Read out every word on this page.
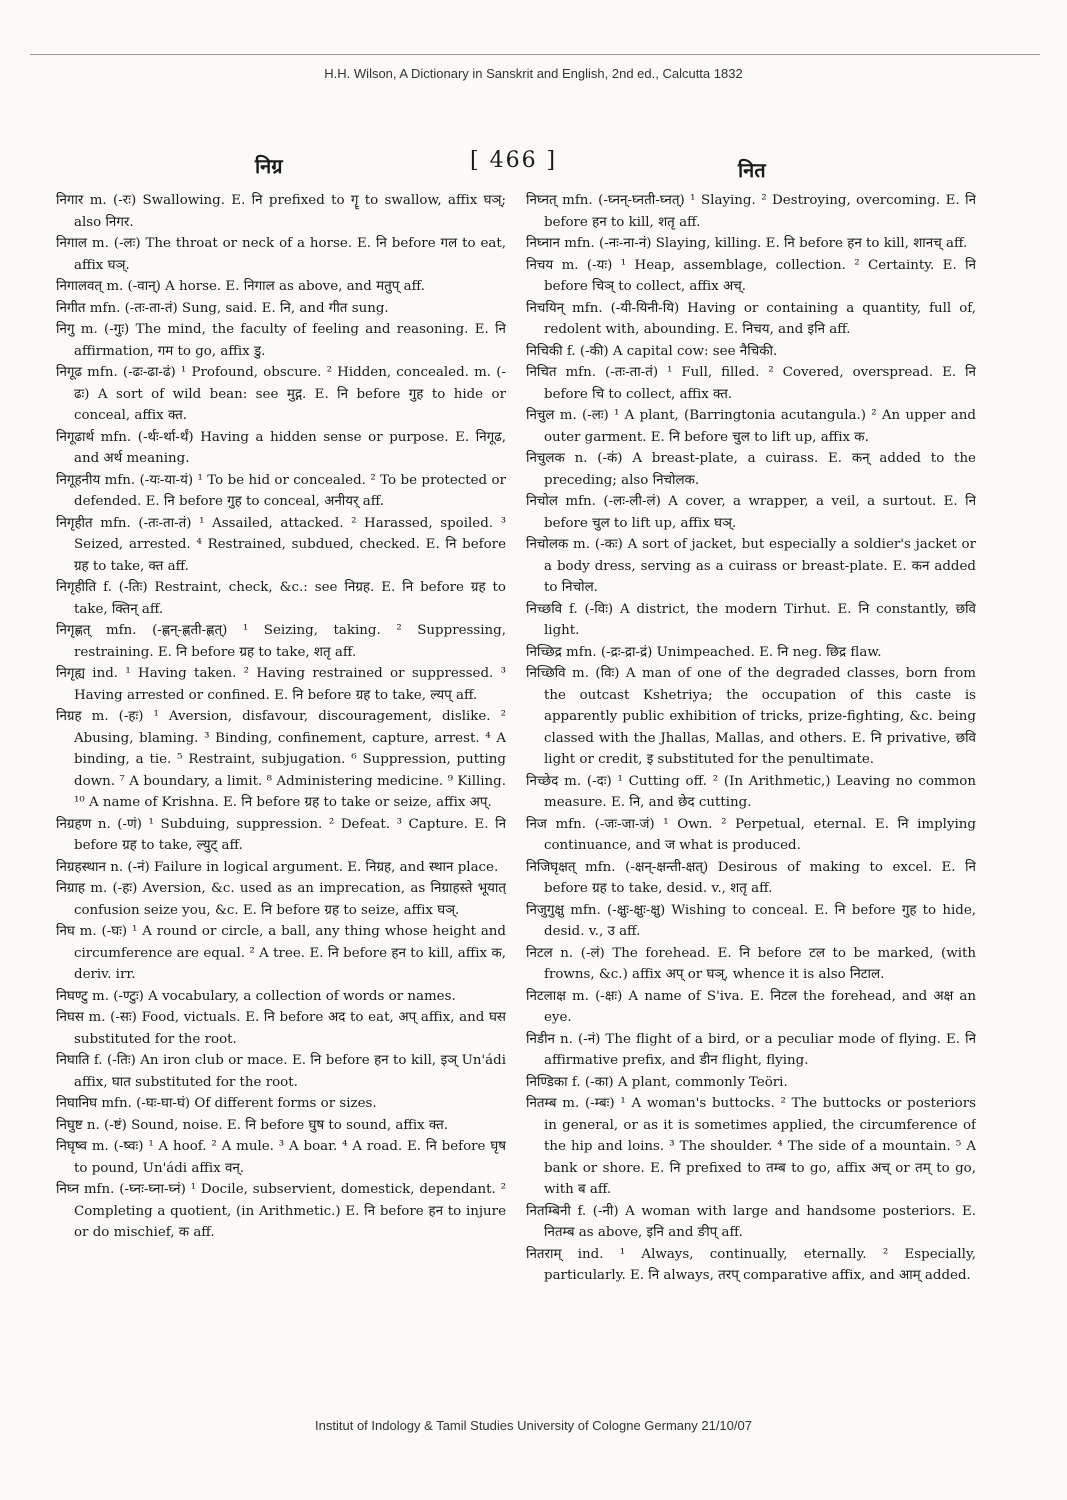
H.H. Wilson, A Dictionary in Sanskrit and English, 2nd ed., Calcutta 1832
निग्र	[ 466 ]	नित

निगार m. (-रः) Swallowing. E. नि prefixed to गॄ to swallow, affix घञ्; also निगर.

निगाल m. (-लः) The throat or neck of a horse. E. नि before गल to eat, affix घञ्.

निगालवत् m. (-वान्) A horse. E. निगाल as above, and मतुप् aff.

निगीत mfn. (-तः-ता-तं) Sung, said. E. नि, and गीत sung.

निगु m. (-गुः) The mind, the faculty of feeling and reasoning. E. नि affirmation, गम to go, affix डु.

निगूढ mfn. (-ढः-ढा-ढं) ¹ Profound, obscure. ² Hidden, concealed. m. (-ढः) A sort of wild bean: see मुद्ग. E. नि before गुह to hide or conceal, affix क्त.

निगूढार्थ mfn. (-र्थः-र्था-र्थं) Having a hidden sense or purpose. E. निगूढ, and अर्थ meaning.

निगूहनीय mfn. (-यः-या-यं) ¹ To be hid or concealed. ² To be protected or defended. E. नि before गुह to conceal, अनीयर् aff.

निगृहीत mfn. (-तः-ता-तं) ¹ Assailed, attacked. ² Harassed, spoiled. ³ Seized, arrested. ⁴ Restrained, subdued, checked. E. नि before ग्रह to take, क्त aff.

निगृहीति f. (-तिः) Restraint, check, &c.: see निग्रह. E. नि before ग्रह to take, क्तिन् aff.

निगृह्णत् mfn. (-ह्णन्-ह्णती-ह्णत्) ¹ Seizing, taking. ² Suppressing, restraining. E. नि before ग्रह to take, शतृ aff.

निगृह्य ind. ¹ Having taken. ² Having restrained or suppressed. ³ Having arrested or confined. E. नि before ग्रह to take, ल्यप् aff.

निग्रह m. (-हः) ¹ Aversion, disfavour, discouragement, dislike. ² Abusing, blaming. ³ Binding, confinement, capture, arrest. ⁴ A binding, a tie. ⁵ Restraint, subjugation. ⁶ Suppression, putting down. ⁷ A boundary, a limit. ⁸ Administering medicine. ⁹ Killing. ¹⁰ A name of Krishna. E. नि before ग्रह to take or seize, affix अप्.

निग्रहण n. (-णं) ¹ Subduing, suppression. ² Defeat. ³ Capture. E. नि before ग्रह to take, ल्युट् aff.

निग्रहस्थान n. (-नं) Failure in logical argument. E. निग्रह, and स्थान place.

निग्राह m. (-हः) Aversion, &c. used as an imprecation, as निग्राहस्ते भूयात् confusion seize you, &c. E. नि before ग्रह to seize, affix घञ्.

निघ m. (-घः) ¹ A round or circle, a ball, any thing whose height and circumference are equal. ² A tree. E. नि before हन to kill, affix क, deriv. irr.

निघण्टु m. (-ण्टुः) A vocabulary, a collection of words or names.

निघस m. (-सः) Food, victuals. E. नि before अद to eat, अप् affix, and घस substituted for the root.

निघाति f. (-तिः) An iron club or mace. E. नि before हन to kill, इञ् Un'ádi affix, घात substituted for the root.

निघानिघ mfn. (-घः-घा-घं) Of different forms or sizes.

निघुष्ट n. (-ष्टं) Sound, noise. E. नि before घुष to sound, affix क्त.

निघृष्व m. (-ष्वः) ¹ A hoof. ² A mule. ³ A boar. ⁴ A road. E. नि before घृष to pound, Un'ádi affix वन्.

निघ्न mfn. (-घ्नः-घ्ना-घ्नं) ¹ Docile, subservient, domestick, dependant. ² Completing a quotient, (in Arithmetic.) E. नि before हन to injure or do mischief, क aff.

निघ्नत् mfn. (-घ्नन्-घ्नती-घ्नत्) ¹ Slaying. ² Destroying, overcoming. E. नि before हन to kill, शतृ aff.

निघ्नान mfn. (-नः-ना-नं) Slaying, killing. E. नि before हन to kill, शानच् aff.

निचय m. (-यः) ¹ Heap, assemblage, collection. ² Certainty. E. नि before चिञ् to collect, affix अच्.

निचयिन् mfn. (-यी-यिनी-यि) Having or containing a quantity, full of, redolent with, abounding. E. निचय, and इनि aff.

निचिकी f. (-की) A capital cow: see नैचिकी.

निचित mfn. (-तः-ता-तं) ¹ Full, filled. ² Covered, overspread. E. नि before चि to collect, affix क्त.

निचुल m. (-लः) ¹ A plant, (Barringtonia acutangula.) ² An upper and outer garment. E. नि before चुल to lift up, affix क.

निचुलक n. (-कं) A breast-plate, a cuirass. E. कन् added to the preceding; also निचोलक.

निचोल mfn. (-लः-ली-लं) A cover, a wrapper, a veil, a surtout. E. नि before चुल to lift up, affix घञ्.

निचोलक m. (-कः) A sort of jacket, but especially a soldier's jacket or a body dress, serving as a cuirass or breast-plate. E. कन added to निचोल.

निच्छवि f. (-विः) A district, the modern Tirhut. E. नि constantly, छवि light.

निच्छिद्र mfn. (-द्रः-द्रा-द्रं) Unimpeached. E. नि neg. छिद्र flaw.

निच्छिवि m. (विः) A man of one of the degraded classes, born from the outcast Kshetriya; the occupation of this caste is apparently public exhibition of tricks, prize-fighting, &c. being classed with the Jhallas, Mallas, and others. E. नि privative, छवि light or credit, इ substituted for the penultimate.

निच्छेद m. (-दः) ¹ Cutting off. ² (In Arithmetic,) Leaving no common measure. E. नि, and छेद cutting.

निज mfn. (-जः-जा-जं) ¹ Own. ² Perpetual, eternal. E. नि implying continuance, and ज what is produced.

निजिघृक्षत् mfn. (-क्षन्-क्षन्ती-क्षत्) Desirous of making to excel. E. नि before ग्रह to take, desid. v., शतृ aff.

निजुगुक्षु mfn. (-क्षुः-क्षुः-क्षु) Wishing to conceal. E. नि before गुह to hide, desid. v., उ aff.

निटल n. (-लं) The forehead. E. नि before टल to be marked, (with frowns, &c.) affix अप् or घञ्, whence it is also निटाल.

निटलाक्ष m. (-क्षः) A name of S'iva. E. निटल the forehead, and अक्ष an eye.

निडीन n. (-नं) The flight of a bird, or a peculiar mode of flying. E. नि affirmative prefix, and डीन flight, flying.

निण्डिका f. (-का) A plant, commonly Teöri.

नितम्ब m. (-म्बः) ¹ A woman's buttocks. ² The buttocks or posteriors in general, or as it is sometimes applied, the circumference of the hip and loins. ³ The shoulder. ⁴ The side of a mountain. ⁵ A bank or shore. E. नि prefixed to तम्ब to go, affix अच् or तम् to go, with ब aff.

नितम्बिनी f. (-नी) A woman with large and handsome posteriors. E. नितम्ब as above, इनि and ङीप् aff.

नितराम् ind. ¹ Always, continually, eternally. ² Especially, particularly. E. नि always, तरप् comparative affix, and आम् added.

Institut of Indology & Tamil Studies University of Cologne Germany 21/10/07
